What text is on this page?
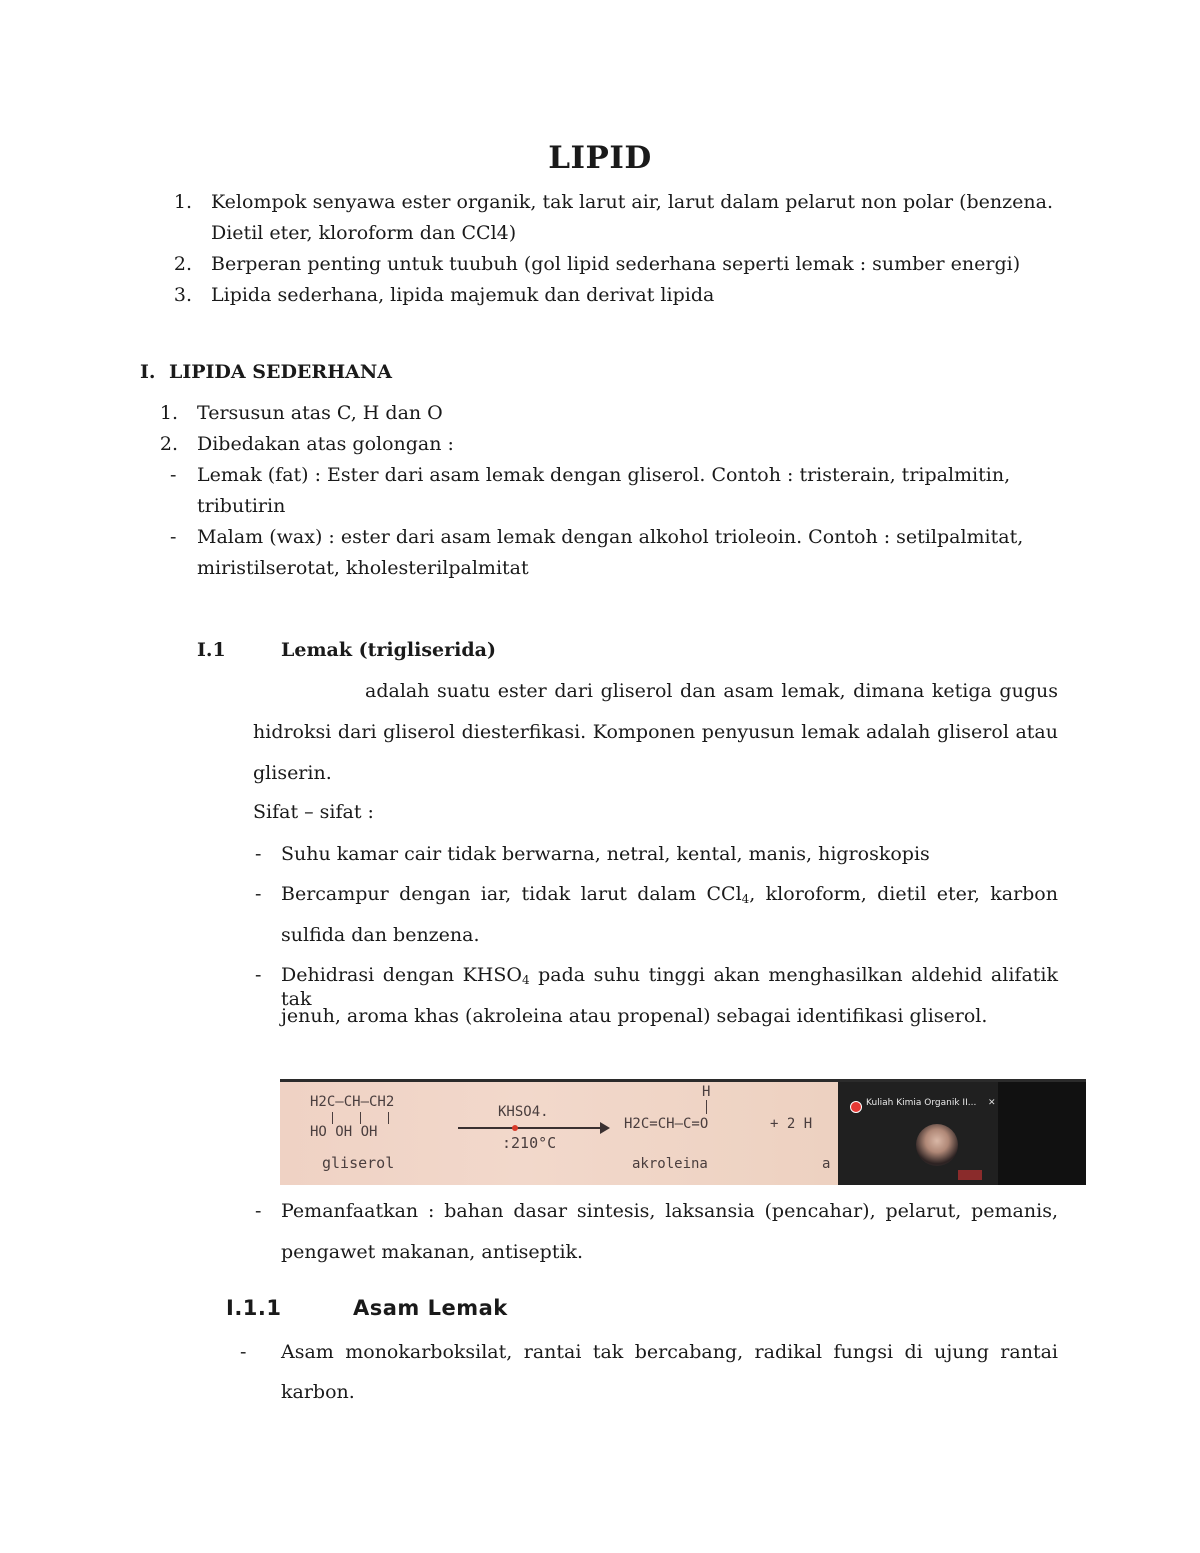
LIPID
1. Kelompok senyawa ester organik, tak larut air, larut dalam pelarut non polar (benzena.
Dietil eter, kloroform dan CCl4)
2. Berperan penting untuk tuubuh (gol lipid sederhana seperti lemak : sumber energi)
3. Lipida sederhana, lipida majemuk dan derivat lipida
I. LIPIDA SEDERHANA
1. Tersusun atas C, H dan O
2. Dibedakan atas golongan :
- Lemak (fat) : Ester dari asam lemak dengan gliserol. Contoh : tristerain, tripalmitin,
tributirin
- Malam (wax) : ester dari asam lemak dengan alkohol trioleoin. Contoh : setilpalmitat,
miristilserotat, kholesterilpalmitat
I.1	Lemak (trigliserida)
adalah suatu ester dari gliserol dan asam lemak, dimana ketiga gugus
hidroksi dari gliserol diesterfikasi. Komponen penyusun lemak adalah gliserol atau
gliserin.
Sifat – sifat :
- Suhu kamar cair tidak berwarna, netral, kental, manis, higroskopis
- Bercampur dengan iar, tidak larut dalam CCl$_4$, kloroform, dietil eter, karbon
sulfida dan benzena.
- Dehidrasi dengan $KHSO_4$ pada suhu tinggi akan menghasilkan aldehid alifatik tak
jenuh, aroma khas (akroleina atau propenal) sebagai identifikasi gliserol.
H2C–CH–CH2
HO OH OH
gliserol
KHSO4.
:210°C
H
H2C=CH–C=O	+ 2 H
akroleina	a
Kuliah Kimia Organik II... ✕
- Pemanfaatkan : bahan dasar sintesis, laksansia (pencahar), pelarut, pemanis,
pengawet makanan, antiseptik.
I.1.1	Asam Lemak
- Asam monokarboksilat, rantai tak bercabang, radikal fungsi di ujung rantai
karbon.
